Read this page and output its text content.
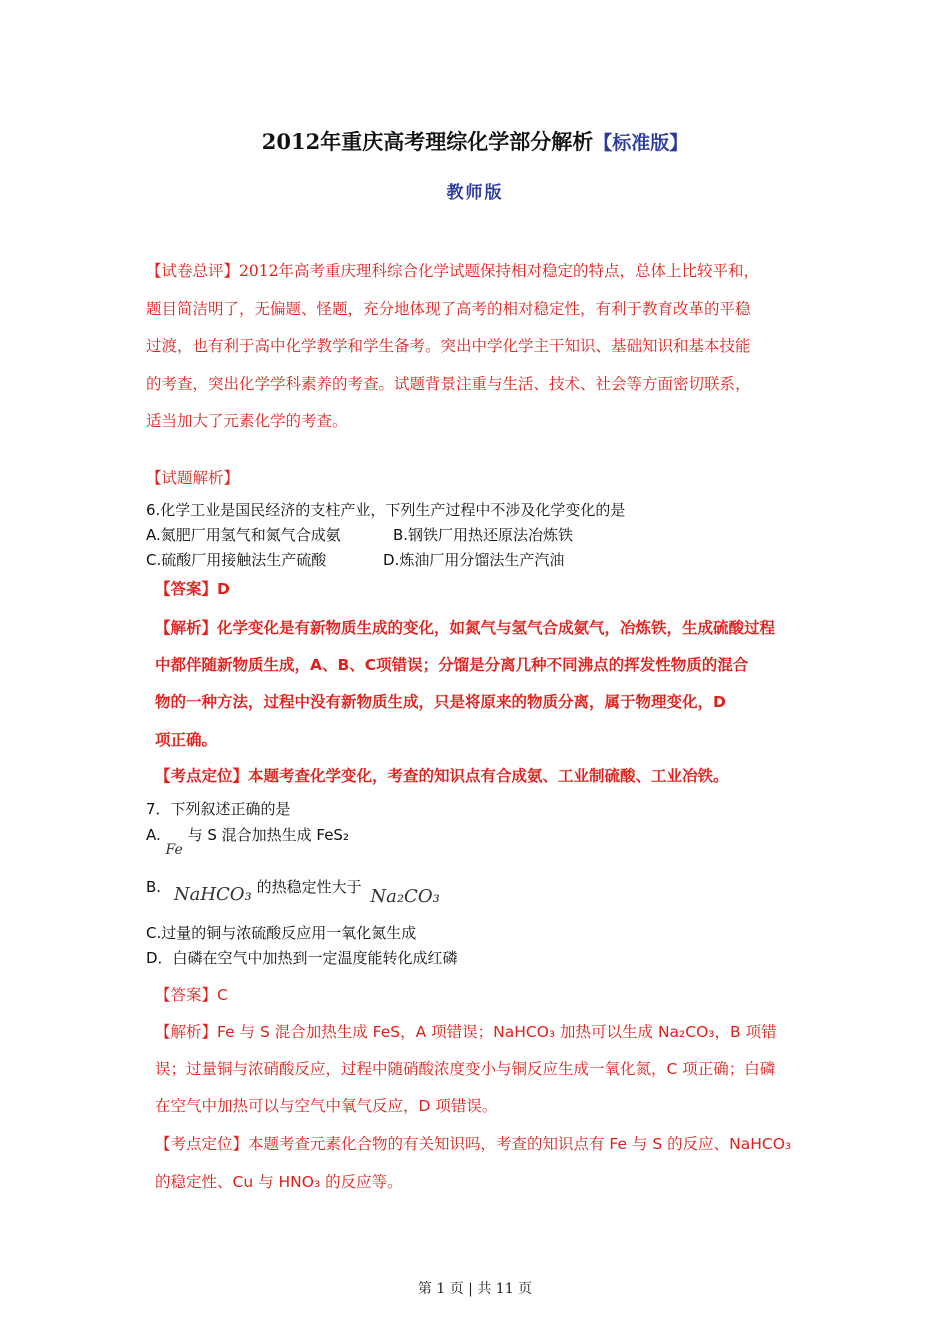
2012年重庆高考理综化学部分解析【标准版】
教师版
【试卷总评】2012年高考重庆理科综合化学试题保持相对稳定的特点，总体上比较平和，
题目简洁明了，无偏题、怪题，充分地体现了高考的相对稳定性，有利于教育改革的平稳
过渡，也有利于高中化学教学和学生备考。突出中学化学主干知识、基础知识和基本技能
的考查，突出化学学科素养的考查。试题背景注重与生活、技术、社会等方面密切联系，
适当加大了元素化学的考查。
【试题解析】
6.化学工业是国民经济的支柱产业，下列生产过程中不涉及化学变化的是
A.氮肥厂用氢气和氮气合成氨	B.钢铁厂用热还原法冶炼铁
C.硫酸厂用接触法生产硫酸	D.炼油厂用分馏法生产汽油
【答案】D
【解析】化学变化是有新物质生成的变化，如氮气与氢气合成氨气，冶炼铁，生成硫酸过程
中都伴随新物质生成，A、B、C项错误；分馏是分离几种不同沸点的挥发性物质的混合
物的一种方法，过程中没有新物质生成，只是将原来的物质分离，属于物理变化，D
项正确。
【考点定位】本题考查化学变化，考查的知识点有合成氨、工业制硫酸、工业冶铁。
7．下列叙述正确的是
A. Fe 与 S 混合加热生成 FeS₂
B. NaHCO₃ 的热稳定性大于 Na₂CO₃
C.过量的铜与浓硫酸反应用一氧化氮生成
D．白磷在空气中加热到一定温度能转化成红磷
【答案】C
【解析】Fe 与 S 混合加热生成 FeS，A 项错误；NaHCO₃ 加热可以生成 Na₂CO₃，B 项错
误；过量铜与浓硝酸反应，过程中随硝酸浓度变小与铜反应生成一氧化氮，C 项正确；白磷
在空气中加热可以与空气中氧气反应，D 项错误。
【考点定位】本题考查元素化合物的有关知识吗，考查的知识点有 Fe 与 S 的反应、NaHCO₃
的稳定性、Cu 与 HNO₃ 的反应等。
第 1 页 | 共 11 页
